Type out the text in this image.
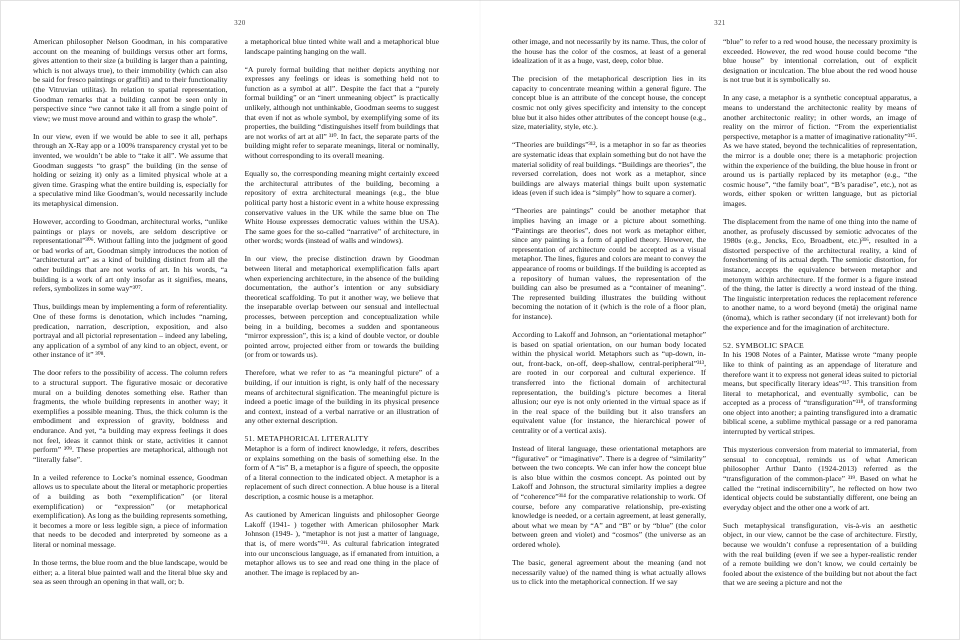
320

American philosopher Nelson Goodman, in his comparative account on the meaning of buildings versus other art forms, gives attention to their size (a building is larger than a painting, which is not always true), to their immobility (which can also be said for fresco paintings or graffiti) and to their functionality (the Vitruvian utilitas). In relation to spatial representation, Goodman remarks that a building cannot be seen only in perspective since “we cannot take it all from a single point of view; we must move around and within to grasp the whole”.

In our view, even if we would be able to see it all, perhaps through an X-Ray app or a 100% transparency crystal yet to be invented, we wouldn’t be able to “take it all”. We assume that Goodman suggests “to grasp” the building (in the sense of holding or seizing it) only as a limited physical whole at a given time. Grasping what the entire building is, especially for a speculative mind like Goodman’s, would necessarily include its metaphysical dimension.

However, according to Goodman, architectural works, “unlike paintings or plays or novels, are seldom descriptive or representational”³⁰⁶. Without falling into the judgment of good or bad works of art, Goodman simply introduces the notion of “architectural art” as a kind of building distinct from all the other buildings that are not works of art. In his words, “a building is a work of art only insofar as it signifies, means, refers, symbolizes in some way”³⁰⁷.

Thus, buildings mean by implementing a form of referentiality. One of these forms is denotation, which includes “naming, predication, narration, description, exposition, and also portrayal and all pictorial representation – indeed any labeling, any application of a symbol of any kind to an object, event, or other instance of it” ³⁰⁸.

The door refers to the possibility of access. The column refers to a structural support. The figurative mosaic or decorative mural on a building denotes something else. Rather than fragments, the whole building represents in another way; it exemplifies a possible meaning. Thus, the thick column is the embodiment and expression of gravity, boldness and endurance. And yet, “a building may express feelings it does not feel, ideas it cannot think or state, activities it cannot perform” ³⁰⁹. These properties are metaphorical, although not “literally false”.

In a veiled reference to Locke’s nominal essence, Goodman allows us to speculate about the literal or metaphoric properties of a building as both “exemplification” (or literal exemplification) or “expression” (or metaphorical exemplification). As long as the building represents something, it becomes a more or less legible sign, a piece of information that needs to be decoded and interpreted by someone as a literal or nominal message.

In those terms, the blue room and the blue landscape, would be either; a. a literal blue painted wall and the literal blue sky and sea as seen through an opening in that wall, or; b.

a metaphorical blue tinted white wall and a metaphorical blue landscape painting hanging on the wall.

“A purely formal building that neither depicts anything nor expresses any feelings or ideas is something held not to function as a symbol at all”. Despite the fact that a “purely formal building” or an “inert unmeaning object” is practically unlikely, although not unthinkable, Goodman seems to suggest that even if not as whole symbol, by exemplifying some of its properties, the building “distinguishes itself from buildings that are not works of art at all” ³¹⁰. In fact, the separate parts of the building might refer to separate meanings, literal or nominally, without corresponding to its overall meaning.

Equally so, the corresponding meaning might certainly exceed the architectural attributes of the building, becoming a repository of extra architectural meanings (e.g., the blue political party host a historic event in a white house expressing conservative values in the UK while the same blue on The White House expresses democratic values within the USA). The same goes for the so-called “narrative” of architecture, in other words; words (instead of walls and windows).

In our view, the precise distinction drawn by Goodman between literal and metaphorical exemplification falls apart when experiencing architecture, in the absence of the building documentation, the author’s intention or any subsidiary theoretical scaffolding. To put it another way, we believe that the inseparable overlap between our sensual and intellectual processes, between perception and conceptualization while being in a building, becomes a sudden and spontaneous “mirror expression”, this is; a kind of double vector, or double pointed arrow, projected either from or towards the building (or from or towards us).

Therefore, what we refer to as “a meaningful picture” of a building, if our intuition is right, is only half of the necessary means of architectural signification. The meaningful picture is indeed a poetic image of the building in its physical presence and context, instead of a verbal narrative or an illustration of any other external description.

51. METAPHORICAL LITERALITY

Metaphor is a form of indirect knowledge, it refers, describes or explains something on the basis of something else. In the form of A “is” B, a metaphor is a figure of speech, the opposite of a literal connection to the indicated object. A metaphor is a replacement of such direct connection. A blue house is a literal description, a cosmic house is a metaphor.

As cautioned by American linguists and philosopher George Lakoff (1941- ) together with American philosopher Mark Johnson (1949- ), “metaphor is not just a matter of language, that is, of mere words”³¹¹. As cultural fabrication integrated into our unconscious language, as if emanated from intuition, a metaphor allows us to see and read one thing in the place of another. The image is replaced by an-

321

other image, and not necessarily by its name. Thus, the color of the house has the color of the cosmos, at least of a general idealization of it as a huge, vast, deep, color blue.

The precision of the metaphorical description lies in its capacity to concentrate meaning within a general figure. The concept blue is an attribute of the concept house, the concept cosmic not only gives specificity and intensity to the concept blue but it also hides other attributes of the concept house (e.g., size, materiality, style, etc.).

“Theories are buildings”³¹², is a metaphor in so far as theories are systematic ideas that explain something but do not have the material solidity of real buildings. “Buildings are theories”, the reversed correlation, does not work as a metaphor, since buildings are always material things built upon systematic ideas (even if such idea is “simply” how to square a corner).

“Theories are paintings” could be another metaphor that implies having an image or a picture about something. “Paintings are theories”, does not work as metaphor either, since any painting is a form of applied theory. However, the representation of architecture could be accepted as a visual metaphor. The lines, figures and colors are meant to convey the appearance of rooms or buildings. If the building is accepted as a repository of human values, the representation of the building can also be presumed as a “container of meaning”. The represented building illustrates the building without becoming the notation of it (which is the role of a floor plan, for instance).

According to Lakoff and Johnson, an “orientational metaphor” is based on spatial orientation, on our human body located within the physical world. Metaphors such as “up-down, in-out, front-back, on-off, deep-shallow, central-peripheral”³¹³, are rooted in our corporeal and cultural experience. If transferred into the fictional domain of architectural representation, the building’s picture becomes a literal allusion; our eye is not only oriented in the virtual space as if in the real space of the building but it also transfers an equivalent value (for instance, the hierarchical power of centrality or of a vertical axis).

Instead of literal language, these orientational metaphors are “figurative” or “imaginative”. There is a degree of “similarity” between the two concepts. We can infer how the concept blue is also blue within the cosmos concept. As pointed out by Lakoff and Johnson, the structural similarity implies a degree of “coherence”³¹⁴ for the comparative relationship to work. Of course, before any comparative relationship, pre-existing knowledge is needed, or a certain agreement, at least generally, about what we mean by “A” and “B” or by “blue” (the color between green and violet) and “cosmos” (the universe as an ordered whole).

The basic, general agreement about the meaning (and not necessarily value) of the named thing is what actually allows us to click into the metaphorical connection. If we say

“blue” to refer to a red wood house, the necessary proximity is exceeded. However, the red wood house could become “the blue house” by intentional correlation, out of explicit designation or inculcation. The blue about the red wood house is not true but it is symbolically so.

In any case, a metaphor is a synthetic conceptual apparatus, a means to understand the architectonic reality by means of another architectonic reality; in other words, an image of reality on the mirror of fiction. “From the experientialist perspective, metaphor is a matter of imaginative rationality”³¹⁵. As we have stated, beyond the technicalities of representation, the mirror is a double one; there is a metaphoric projection within the experience of the building, the blue house in front or around us is partially replaced by its metaphor (e.g., “the cosmic house”, “the family boat”, “B’s paradise”, etc.), not as words, either spoken or written language, but as pictorial images.

The displacement from the name of one thing into the name of another, as profusely discussed by semiotic advocates of the 1980s (e.g., Jencks, Eco, Broadbent, etc.)³¹⁶, resulted in a distorted perspective of the architectural reality, a kind of foreshortening of its actual depth. The semiotic distortion, for instance, accepts the equivalence between metaphor and metonym within architecture. If the former is a figure instead of the thing, the latter is directly a word instead of the thing. The linguistic interpretation reduces the replacement reference to another name, to a word beyond (metá) the original name (ónoma), which is rather secondary (if not irrelevant) both for the experience and for the imagination of architecture.

52. SYMBOLIC SPACE

In his 1908 Notes of a Painter, Matisse wrote “many people like to think of painting as an appendage of literature and therefore want it to express not general ideas suited to pictorial means, but specifically literary ideas”³¹⁷. This transition from literal to metaphorical, and eventually symbolic, can be accepted as a process of “transfiguration”³¹⁸, of transforming one object into another; a painting transfigured into a dramatic biblical scene, a sublime mythical passage or a red panorama interrupted by vertical stripes.

This mysterious conversion from material to immaterial, from sensual to conceptual, reminds us of what American philosopher Arthur Danto (1924-2013) referred as the “transfiguration of the common-place” ³¹⁹. Based on what he called the “retinal indiscernibility”, he reflected on how two identical objects could be substantially different, one being an everyday object and the other one a work of art.

Such metaphysical transfiguration, vis-à-vis an aesthetic object, in our view, cannot be the case of architecture. Firstly, because we wouldn’t confuse a representation of a building with the real building (even if we see a hyper-realistic render of a remote building we don’t know, we could certainly be fooled about the existence of the building but not about the fact that we are seeing a picture and not the
